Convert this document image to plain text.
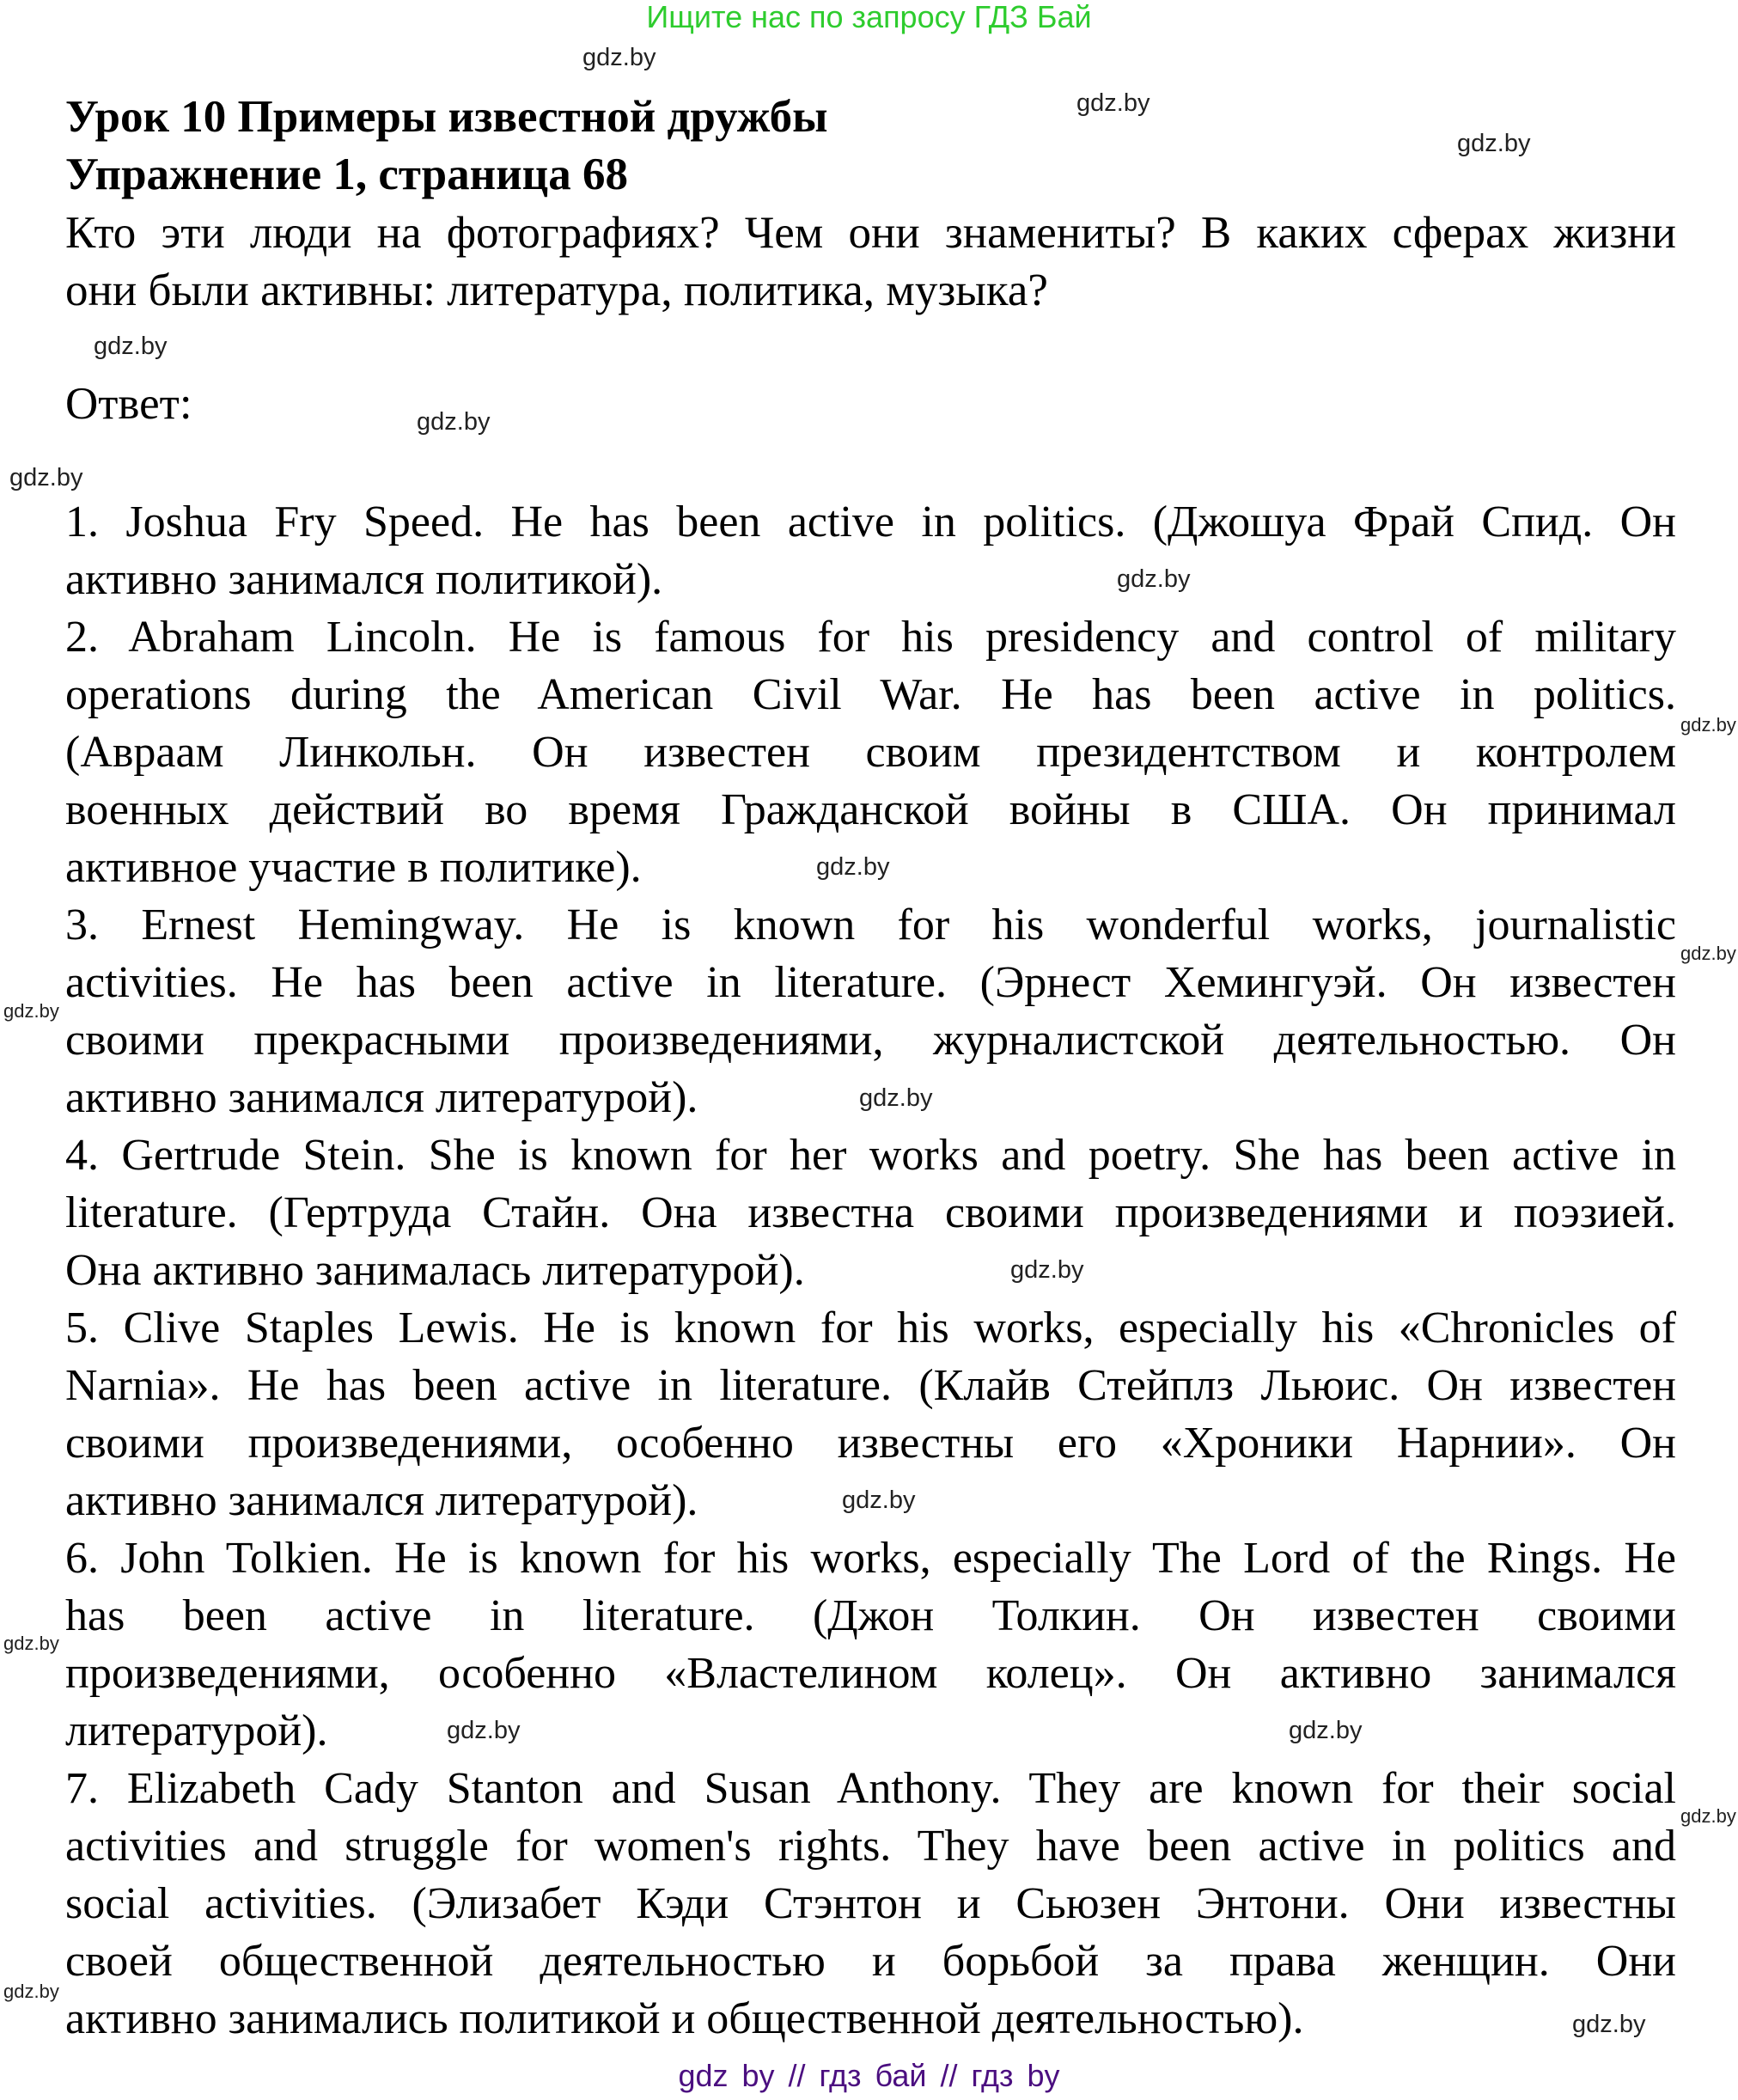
Ищите нас по запросу ГДЗ Бай
Урок 10 Примеры известной дружбы
Упражнение 1, страница 68
Кто эти люди на фотографиях? Чем они знамениты? В каких сферах жизни
они были активны: литература, политика, музыка?
Ответ:
1. Joshua Fry Speed. He has been active in politics. (Джошуа Фрай Спид. Он
активно занимался политикой).
2. Abraham Lincoln. He is famous for his presidency and control of military
operations during the American Civil War. He has been active in politics.
(Авраам Линкольн. Он известен своим президентством и контролем
военных действий во время Гражданской войны в США. Он принимал
активное участие в политике).
3. Ernest Hemingway. He is known for his wonderful works, journalistic
activities. He has been active in literature. (Эрнест Хемингуэй. Он известен
своими прекрасными произведениями, журналистской деятельностью. Он
активно занимался литературой).
4. Gertrude Stein. She is known for her works and poetry. She has been active in
literature. (Гертруда Стайн. Она известна своими произведениями и поэзией.
Она активно занималась литературой).
5. Clive Staples Lewis. He is known for his works, especially his «Chronicles of
Narnia». He has been active in literature. (Клайв Стейплз Льюис. Он известен
своими произведениями, особенно известны его «Хроники Нарнии». Он
активно занимался литературой).
6. John Tolkien. He is known for his works, especially The Lord of the Rings. He
has been active in literature. (Джон Толкин. Он известен своими
произведениями, особенно «Властелином колец». Он активно занимался
литературой).
7. Elizabeth Cady Stanton and Susan Anthony. They are known for their social
activities and struggle for women's rights. They have been active in politics and
social activities. (Элизабет Кэди Стэнтон и Сьюзен Энтони. Они известны
своей общественной деятельностью и борьбой за права женщин. Они
активно занимались политикой и общественной деятельностью).
gdz.by
gdz.by
gdz.by
gdz.by
gdz.by
gdz.by
gdz.by
gdz.by
gdz.by
gdz.by
gdz.by
gdz.by
gdz.by
gdz.by
gdz.by
gdz.by
gdz.by
gdz.by
gdz.by
gdz.by
gdz by // гдз бай // гдз by
